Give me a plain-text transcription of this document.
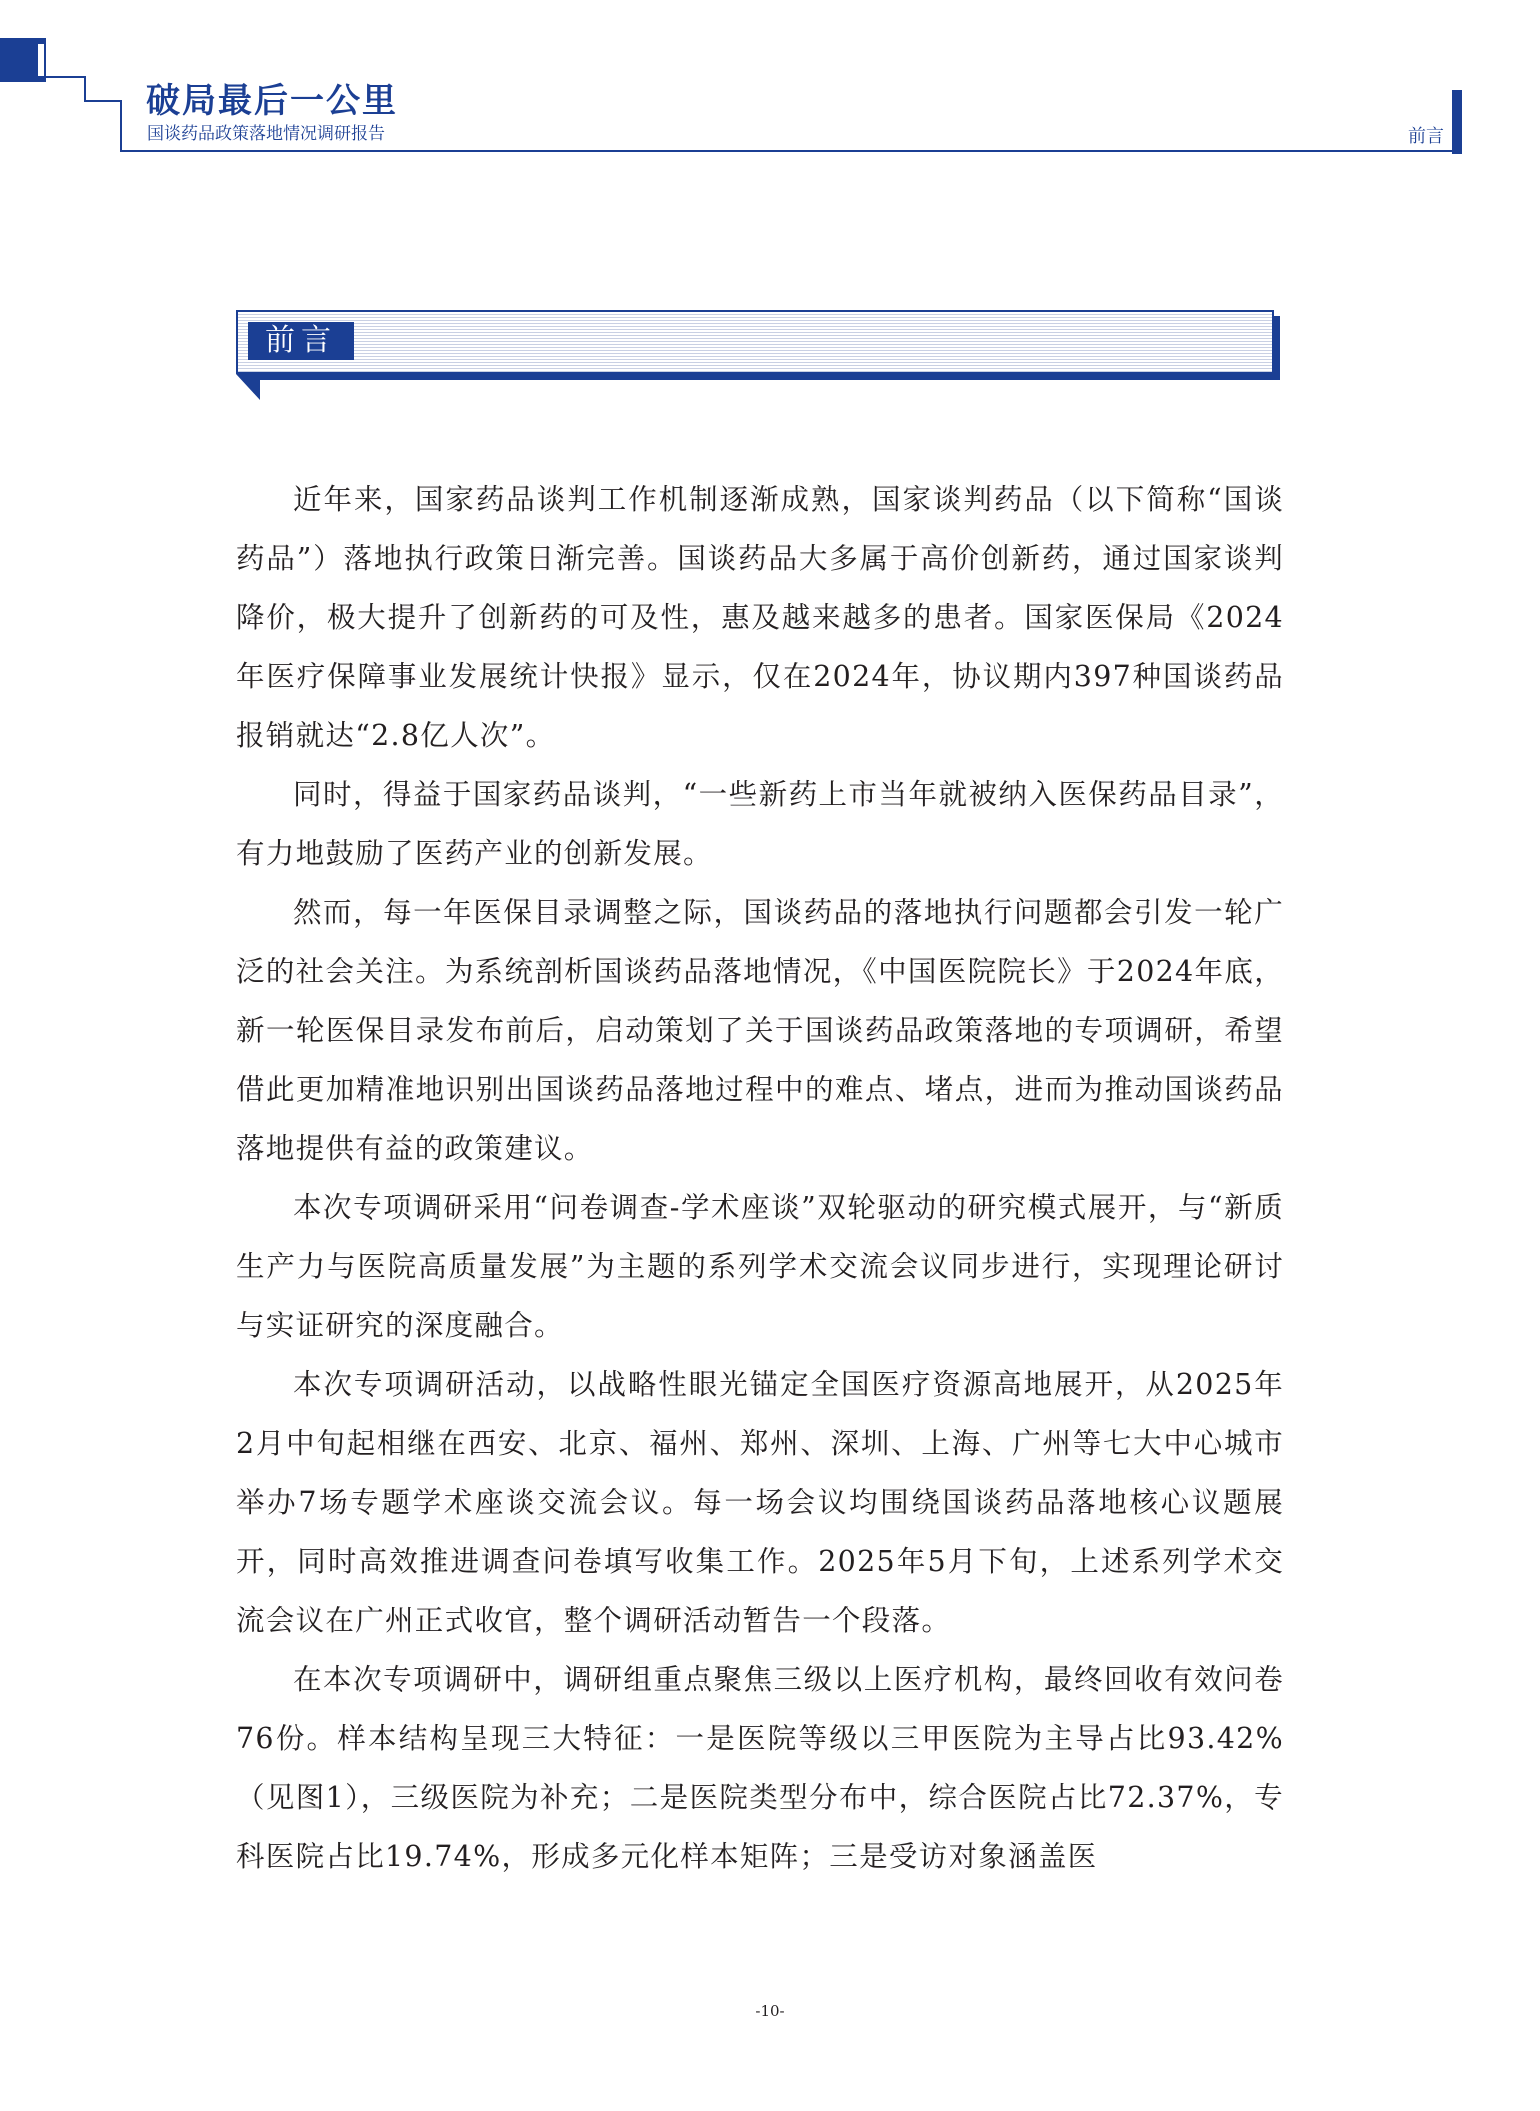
破局最后一公里
国谈药品政策落地情况调研报告	前言
前言

近年来，国家药品谈判工作机制逐渐成熟，国家谈判药品（以下简称“国谈药品”）落地执行政策日渐完善。国谈药品大多属于高价创新药，通过国家谈判降价，极大提升了创新药的可及性，惠及越来越多的患者。国家医保局《2024年医疗保障事业发展统计快报》显示，仅在2024年，协议期内397种国谈药品报销就达“2.8亿人次”。

同时，得益于国家药品谈判，“一些新药上市当年就被纳入医保药品目录”，有力地鼓励了医药产业的创新发展。

然而，每一年医保目录调整之际，国谈药品的落地执行问题都会引发一轮广泛的社会关注。为系统剖析国谈药品落地情况，《中国医院院长》于2024年底，新一轮医保目录发布前后，启动策划了关于国谈药品政策落地的专项调研，希望借此更加精准地识别出国谈药品落地过程中的难点、堵点，进而为推动国谈药品落地提供有益的政策建议。

本次专项调研采用“问卷调查-学术座谈”双轮驱动的研究模式展开，与“新质生产力与医院高质量发展”为主题的系列学术交流会议同步进行，实现理论研讨与实证研究的深度融合。

本次专项调研活动，以战略性眼光锚定全国医疗资源高地展开，从2025年2月中旬起相继在西安、北京、福州、郑州、深圳、上海、广州等七大中心城市举办7场专题学术座谈交流会议。每一场会议均围绕国谈药品落地核心议题展开，同时高效推进调查问卷填写收集工作。2025年5月下旬，上述系列学术交流会议在广州正式收官，整个调研活动暂告一个段落。

在本次专项调研中，调研组重点聚焦三级以上医疗机构，最终回收有效问卷76份。样本结构呈现三大特征：一是医院等级以三甲医院为主导占比93.42%（见图1），三级医院为补充；二是医院类型分布中，综合医院占比72.37%，专科医院占比19.74%，形成多元化样本矩阵；三是受访对象涵盖医

-10-
